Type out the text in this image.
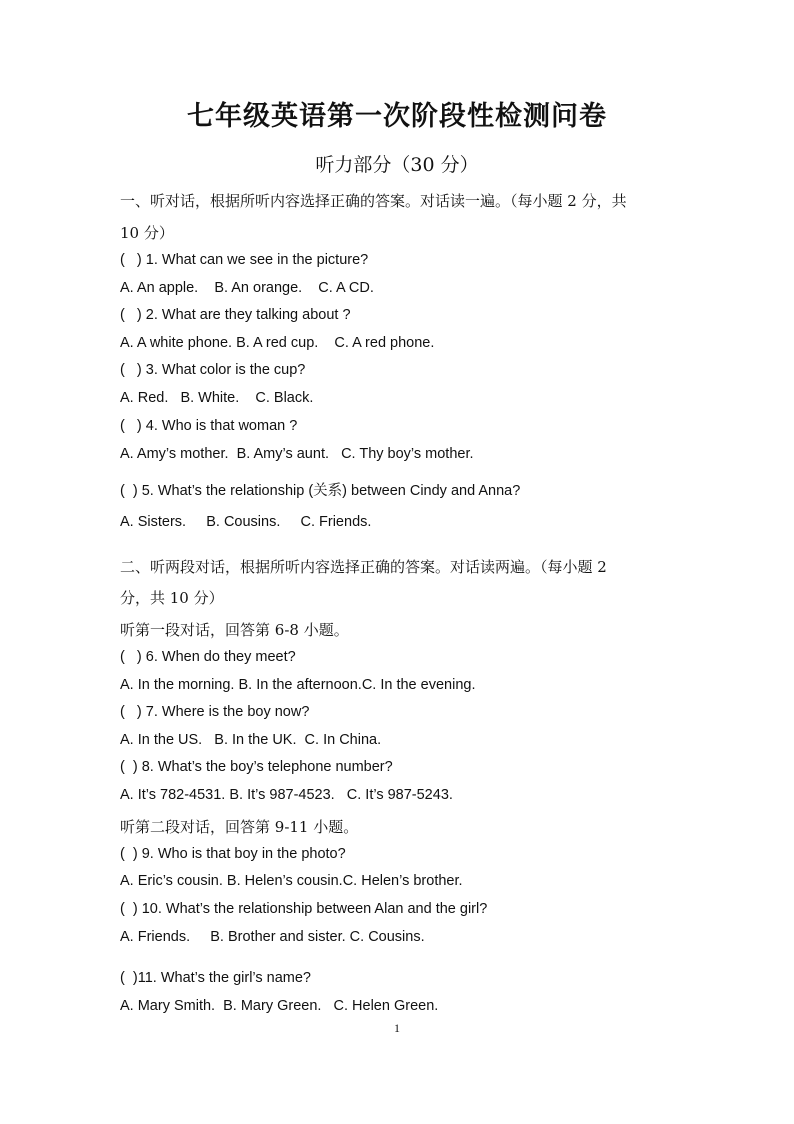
七年级英语第一次阶段性检测问卷
听力部分（30 分）
一、听对话，根据所听内容选择正确的答案。对话读一遍。（每小题 2 分，共
10 分）
(   ) 1. What can we see in the picture?
A. An apple.    B. An orange.    C. A CD.
(   ) 2. What are they talking about ?
A. A white phone. B. A red cup.    C. A red phone.
(   ) 3. What color is the cup?
A. Red.   B. White.    C. Black.
(   ) 4. Who is that woman ?
A. Amy’s mother.  B. Amy’s aunt.   C. Thy boy’s mother.
(  ) 5. What’s the relationship (关系) between Cindy and Anna?
A. Sisters.     B. Cousins.     C. Friends.
二、听两段对话，根据所听内容选择正确的答案。对话读两遍。（每小题 2
分，共 10 分）
听第一段对话，回答第 6-8 小题。
(   ) 6. When do they meet?
A. In the morning. B. In the afternoon.C. In the evening.
(   ) 7. Where is the boy now?
A. In the US.   B. In the UK.  C. In China.
(  ) 8. What’s the boy’s telephone number?
A. It’s 782-4531. B. It’s 987-4523.   C. It’s 987-5243.
听第二段对话，回答第 9-11 小题。
(  ) 9. Who is that boy in the photo?
A. Eric’s cousin. B. Helen’s cousin.C. Helen’s brother.
(  ) 10. What’s the relationship between Alan and the girl?
A. Friends.     B. Brother and sister. C. Cousins.
(  )11. What’s the girl’s name?
A. Mary Smith.  B. Mary Green.   C. Helen Green.
1
